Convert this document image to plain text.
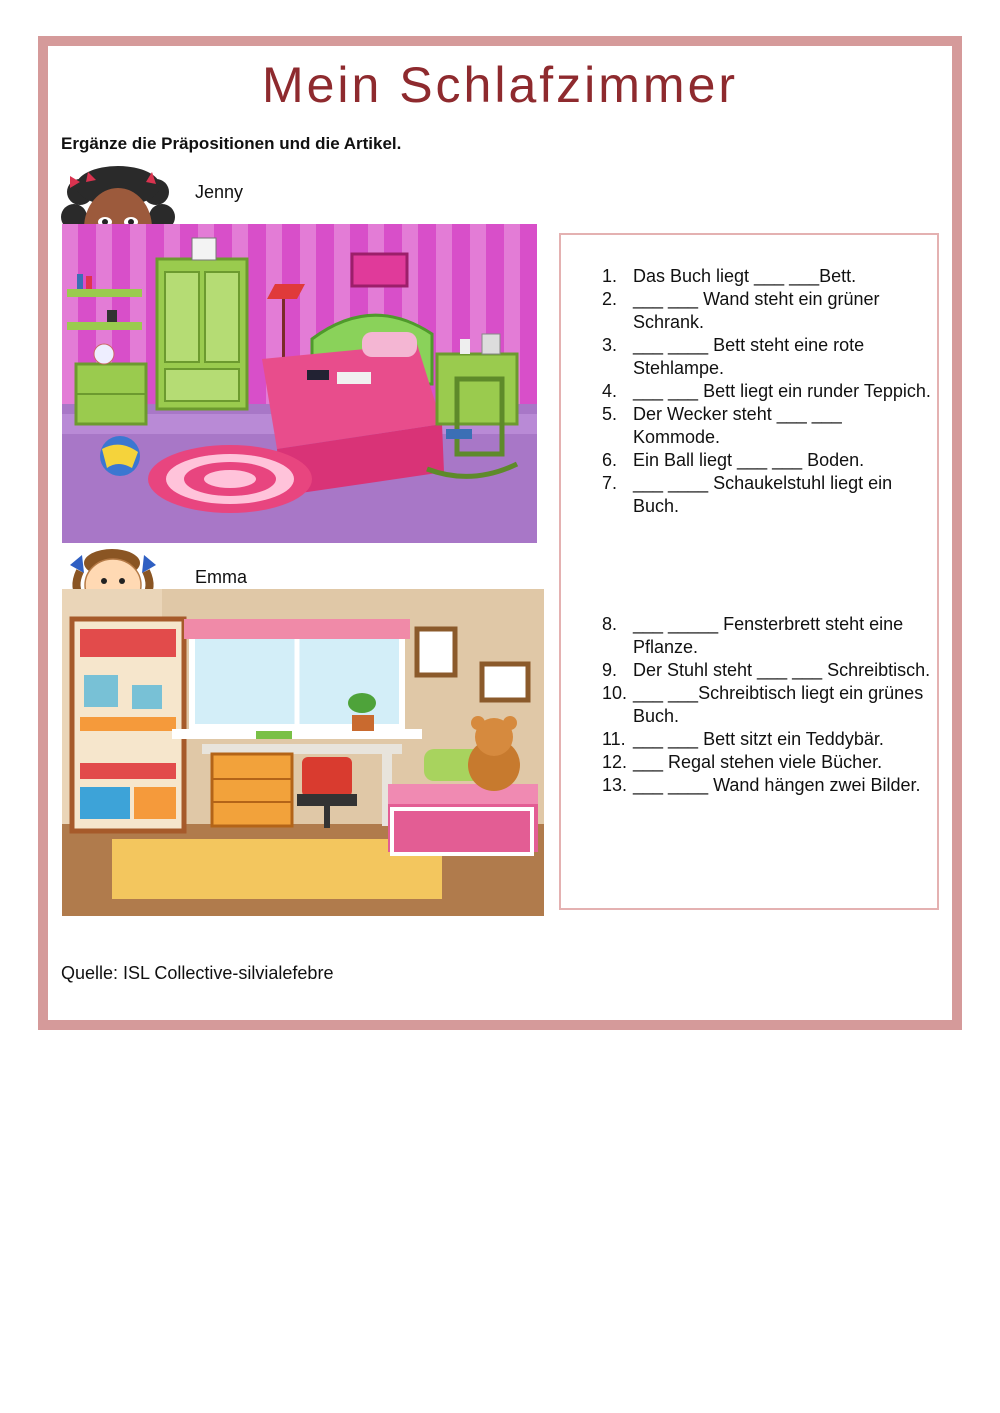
Mein Schlafzimmer
Ergänze die Präpositionen und die Artikel.
Jenny
Emma
1. Das Buch liegt ___ ___Bett.
2. ___ ___ Wand steht ein grüner Schrank.
3. ___ ____ Bett steht eine rote Stehlampe.
4. ___ ___ Bett liegt ein runder Teppich.
5. Der Wecker steht ___ ___ Kommode.
6. Ein Ball liegt ___ ___ Boden.
7. ___ ____ Schaukelstuhl liegt ein Buch.
8. ___ _____ Fensterbrett steht eine Pflanze.
9. Der Stuhl steht ___ ___ Schreibtisch.
10. ___ ___Schreibtisch liegt ein grünes Buch.
11. ___ ___ Bett sitzt ein Teddybär.
12. ___ Regal stehen viele Bücher.
13. ___ ____ Wand hängen zwei Bilder.
Quelle: ISL Collective-silvialefebre
